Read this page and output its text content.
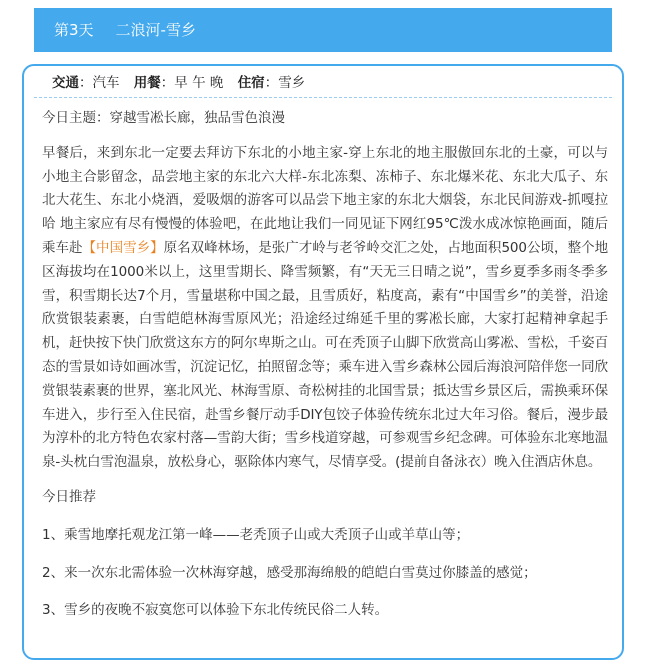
第3天 二浪河-雪乡
交通：汽车 用餐：早 午 晚 住宿：雪乡

今日主题：穿越雪凇长廊，独品雪色浪漫

早餐后，来到东北一定要去拜访下东北的小地主家-穿上东北的地主服傲回东北的土豪，可以与小地主合影留念，品尝地主家的东北六大样-东北冻梨、冻柿子、东北爆米花、东北大瓜子、东北大花生、东北小烧酒，爱吸烟的游客可以品尝下地主家的东北大烟袋，东北民间游戏-抓嘎拉哈 地主家应有尽有慢慢的体验吧，在此地让我们一同见证下网红95℃泼水成冰惊艳画面，随后乘车赴【中国雪乡】原名双峰林场，是张广才岭与老爷岭交汇之处，占地面积500公顷，整个地区海拔均在1000米以上，这里雪期长、降雪频繁，有“天无三日晴之说”，雪乡夏季多雨冬季多雪，积雪期长达7个月，雪量堪称中国之最，且雪质好，粘度高，素有“中国雪乡”的美誉，沿途欣赏银装素裹，白雪皑皑林海雪原风光；沿途经过绵延千里的雾凇长廊，大家打起精神拿起手机，赶快按下快门欣赏这东方的阿尔卑斯之山。可在秃顶子山脚下欣赏高山雾凇、雪松，千姿百态的雪景如诗如画冰雪，沉淀记忆，拍照留念等；乘车进入雪乡森林公园后海浪河陪伴您一同欣赏银装素裹的世界，塞北风光、林海雪原、奇松树挂的北国雪景；抵达雪乡景区后，需换乘环保车进入，步行至入住民宿，赴雪乡餐厅动手DIY包饺子体验传统东北过大年习俗。餐后，漫步最为淳朴的北方特色农家村落—雪韵大街；雪乡栈道穿越，可参观雪乡纪念碑。可体验东北寒地温泉-头枕白雪泡温泉，放松身心，驱除体内寒气，尽情享受。(提前自备泳衣）晚入住酒店休息。

今日推荐

1、乘雪地摩托观龙江第一峰——老秃顶子山或大秃顶子山或羊草山等；

2、来一次东北需体验一次林海穿越，感受那海绵般的皑皑白雪莫过你膝盖的感觉；

3、雪乡的夜晚不寂寞您可以体验下东北传统民俗二人转。
